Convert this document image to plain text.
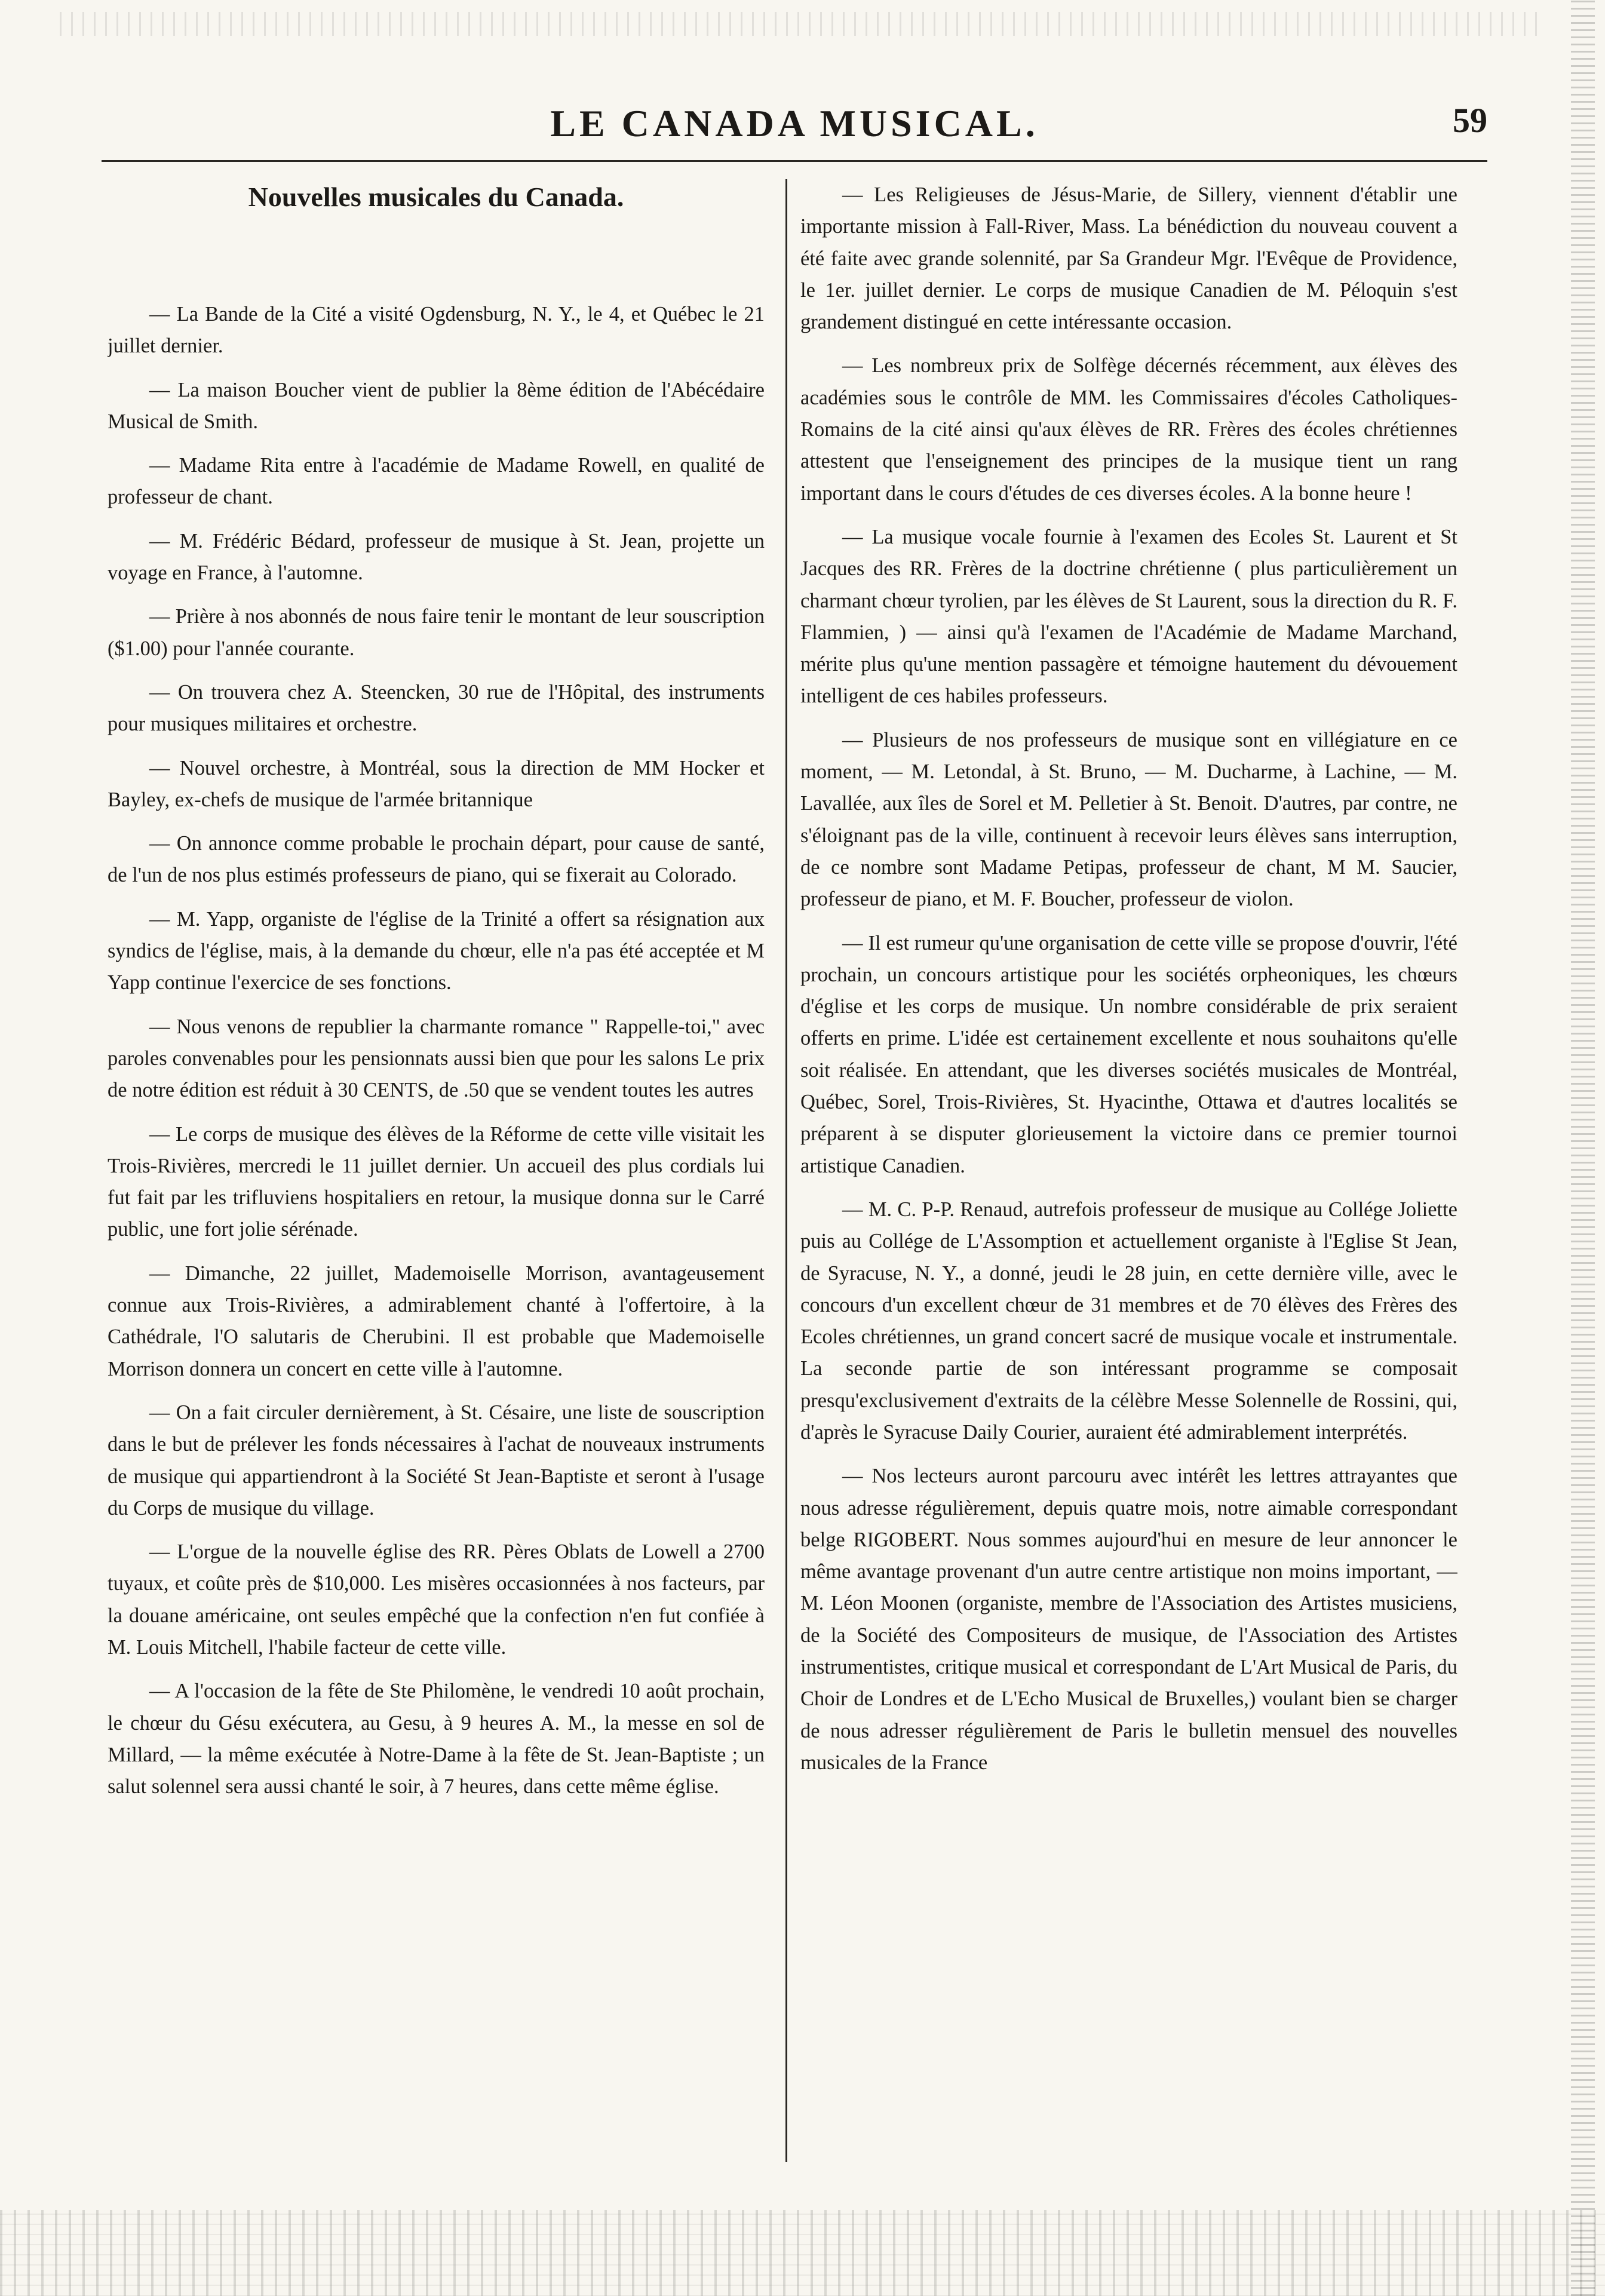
LE CANADA MUSICAL.	59
Nouvelles musicales du Canada.

— La Bande de la Cité a visité Ogdensburg, N. Y., le 4, et Québec le 21 juillet dernier.

— La maison Boucher vient de publier la 8ème édition de l'Abécédaire Musical de Smith.

— Madame Rita entre à l'académie de Madame Rowell, en qualité de professeur de chant.

— M. Frédéric Bédard, professeur de musique à St. Jean, projette un voyage en France, à l'automne.

— Prière à nos abonnés de nous faire tenir le montant de leur souscription ($1.00) pour l'année courante.

— On trouvera chez A. Steencken, 30 rue de l'Hôpital, des instruments pour musiques militaires et orchestre.

— Nouvel orchestre, à Montréal, sous la direction de MM Hocker et Bayley, ex-chefs de musique de l'armée britannique

— On annonce comme probable le prochain départ, pour cause de santé, de l'un de nos plus estimés professeurs de piano, qui se fixerait au Colorado.

— M. Yapp, organiste de l'église de la Trinité a offert sa résignation aux syndics de l'église, mais, à la demande du chœur, elle n'a pas été acceptée et M Yapp continue l'exercice de ses fonctions.

— Nous venons de republier la charmante romance " Rappelle-toi," avec paroles convenables pour les pensionnats aussi bien que pour les salons Le prix de notre édition est réduit à 30 CENTS, de .50 que se vendent toutes les autres

— Le corps de musique des élèves de la Réforme de cette ville visitait les Trois-Rivières, mercredi le 11 juillet dernier. Un accueil des plus cordials lui fut fait par les trifluviens hospitaliers en retour, la musique donna sur le Carré public, une fort jolie sérénade.

— Dimanche, 22 juillet, Mademoiselle Morrison, avantageusement connue aux Trois-Rivières, a admirablement chanté à l'offertoire, à la Cathédrale, l'O salutaris de Cherubini. Il est probable que Mademoiselle Morrison donnera un concert en cette ville à l'automne.

— On a fait circuler dernièrement, à St. Césaire, une liste de souscription dans le but de prélever les fonds nécessaires à l'achat de nouveaux instruments de musique qui appartiendront à la Société St Jean-Baptiste et seront à l'usage du Corps de musique du village.

— L'orgue de la nouvelle église des RR. Pères Oblats de Lowell a 2700 tuyaux, et coûte près de $10,000. Les misères occasionnées à nos facteurs, par la douane américaine, ont seules empêché que la confection n'en fut confiée à M. Louis Mitchell, l'habile facteur de cette ville.

— A l'occasion de la fête de Ste Philomène, le vendredi 10 août prochain, le chœur du Gésu exécutera, au Gesu, à 9 heures A. M., la messe en sol de Millard, — la même exécutée à Notre-Dame à la fête de St. Jean-Baptiste ; un salut solennel sera aussi chanté le soir, à 7 heures, dans cette même église.

— Les Religieuses de Jésus-Marie, de Sillery, viennent d'établir une importante mission à Fall-River, Mass. La bénédiction du nouveau couvent a été faite avec grande solennité, par Sa Grandeur Mgr. l'Evêque de Providence, le 1er. juillet dernier. Le corps de musique Canadien de M. Péloquin s'est grandement distingué en cette intéressante occasion.

— Les nombreux prix de Solfège décernés récemment, aux élèves des académies sous le contrôle de MM. les Commissaires d'écoles Catholiques-Romains de la cité ainsi qu'aux élèves de RR. Frères des écoles chrétiennes attestent que l'enseignement des principes de la musique tient un rang important dans le cours d'études de ces diverses écoles. A la bonne heure !

— La musique vocale fournie à l'examen des Ecoles St. Laurent et St Jacques des RR. Frères de la doctrine chrétienne ( plus particulièrement un charmant chœur tyrolien, par les élèves de St Laurent, sous la direction du R. F. Flammien, ) — ainsi qu'à l'examen de l'Académie de Madame Marchand, mérite plus qu'une mention passagère et témoigne hautement du dévouement intelligent de ces habiles professeurs.

— Plusieurs de nos professeurs de musique sont en villégiature en ce moment, — M. Letondal, à St. Bruno, — M. Ducharme, à Lachine, — M. Lavallée, aux îles de Sorel et M. Pelletier à St. Benoit. D'autres, par contre, ne s'éloignant pas de la ville, continuent à recevoir leurs élèves sans interruption, de ce nombre sont Madame Petipas, professeur de chant, M M. Saucier, professeur de piano, et M. F. Boucher, professeur de violon.

— Il est rumeur qu'une organisation de cette ville se propose d'ouvrir, l'été prochain, un concours artistique pour les sociétés orpheoniques, les chœurs d'église et les corps de musique. Un nombre considérable de prix seraient offerts en prime. L'idée est certainement excellente et nous souhaitons qu'elle soit réalisée. En attendant, que les diverses sociétés musicales de Montréal, Québec, Sorel, Trois-Rivières, St. Hyacinthe, Ottawa et d'autres localités se préparent à se disputer glorieusement la victoire dans ce premier tournoi artistique Canadien.

— M. C. P-P. Renaud, autrefois professeur de musique au Collége Joliette puis au Collége de L'Assomption et actuellement organiste à l'Eglise St Jean, de Syracuse, N. Y., a donné, jeudi le 28 juin, en cette dernière ville, avec le concours d'un excellent chœur de 31 membres et de 70 élèves des Frères des Ecoles chrétiennes, un grand concert sacré de musique vocale et instrumentale. La seconde partie de son intéressant programme se composait presqu'exclusivement d'extraits de la célèbre Messe Solennelle de Rossini, qui, d'après le Syracuse Daily Courier, auraient été admirablement interprétés.

— Nos lecteurs auront parcouru avec intérêt les lettres attrayantes que nous adresse régulièrement, depuis quatre mois, notre aimable correspondant belge RIGOBERT. Nous sommes aujourd'hui en mesure de leur annoncer le même avantage provenant d'un autre centre artistique non moins important, — M. Léon Moonen (organiste, membre de l'Association des Artistes musiciens, de la Société des Compositeurs de musique, de l'Association des Artistes instrumentistes, critique musical et correspondant de L'Art Musical de Paris, du Choir de Londres et de L'Echo Musical de Bruxelles,) voulant bien se charger de nous adresser régulièrement de Paris le bulletin mensuel des nouvelles musicales de la France
